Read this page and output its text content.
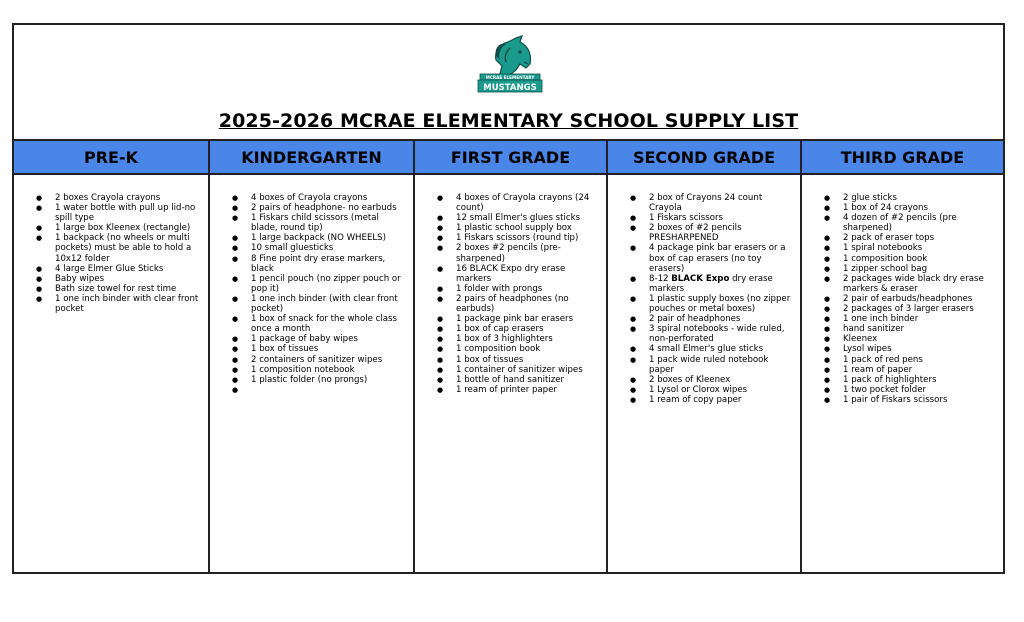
MCRAE ELEMENTARY
MUSTANGS
2025-2026 MCRAE ELEMENTARY SCHOOL SUPPLY LIST
PRE-K
● 2 boxes Crayola crayons
● 1 water bottle with pull up lid-no spill type
● 1 large box Kleenex (rectangle)
● 1 backpack (no wheels or multi pockets) must be able to hold a 10x12 folder
● 4 large Elmer Glue Sticks
● Baby wipes
● Bath size towel for rest time
● 1 one inch binder with clear front pocket
KINDERGARTEN
● 4 boxes of Crayola crayons
● 2 pairs of headphone- no earbuds
● 1 Fiskars child scissors (metal blade, round tip)
● 1 large backpack (NO WHEELS)
● 10 small gluesticks
● 8 Fine point dry erase markers, black
● 1 pencil pouch (no zipper pouch or pop it)
● 1 one inch binder (with clear front pocket)
● 1 box of snack for the whole class once a month
● 1 package of baby wipes
● 1 box of tissues
● 2 containers of sanitizer wipes
● 1 composition notebook
● 1 plastic folder (no prongs)
FIRST GRADE
● 4 boxes of Crayola crayons (24 count)
● 12 small Elmer's glues sticks
● 1 plastic school supply box
● 1 Fiskars scissors (round tip)
● 2 boxes #2 pencils (pre-sharpened)
● 16 BLACK Expo dry erase markers
● 1 folder with prongs
● 2 pairs of headphones (no earbuds)
● 1 package pink bar erasers
● 1 box of cap erasers
● 1 box of 3 highlighters
● 1 composition book
● 1 box of tissues
● 1 container of sanitizer wipes
● 1 bottle of hand sanitizer
● 1 ream of printer paper
SECOND GRADE
● 2 box of Crayons 24 count Crayola
● 1 Fiskars scissors
● 2 boxes of #2 pencils PRESHARPENED
● 4 package pink bar erasers or a box of cap erasers (no toy erasers)
● 8-12 BLACK Expo dry erase markers
● 1 plastic supply boxes (no zipper pouches or metal boxes)
● 2 pair of headphones
● 3 spiral notebooks - wide ruled, non-perforated
● 4 small Elmer's glue sticks
● 1 pack wide ruled notebook paper
● 2 boxes of Kleenex
● 1 Lysol or Clorox wipes
● 1 ream of copy paper
THIRD GRADE
● 2 glue sticks
● 1 box of 24 crayons
● 4 dozen of #2 pencils (pre sharpened)
● 2 pack of eraser tops
● 1 spiral notebooks
● 1 composition book
● 1 zipper school bag
● 2 packages wide black dry erase markers & eraser
● 2 pair of earbuds/headphones
● 2 packages of 3 larger erasers
● 1 one inch binder
● hand sanitizer
● Kleenex
● Lysol wipes
● 1 pack of red pens
● 1 ream of paper
● 1 pack of highlighters
● 1 two pocket folder
● 1 pair of Fiskars scissors
